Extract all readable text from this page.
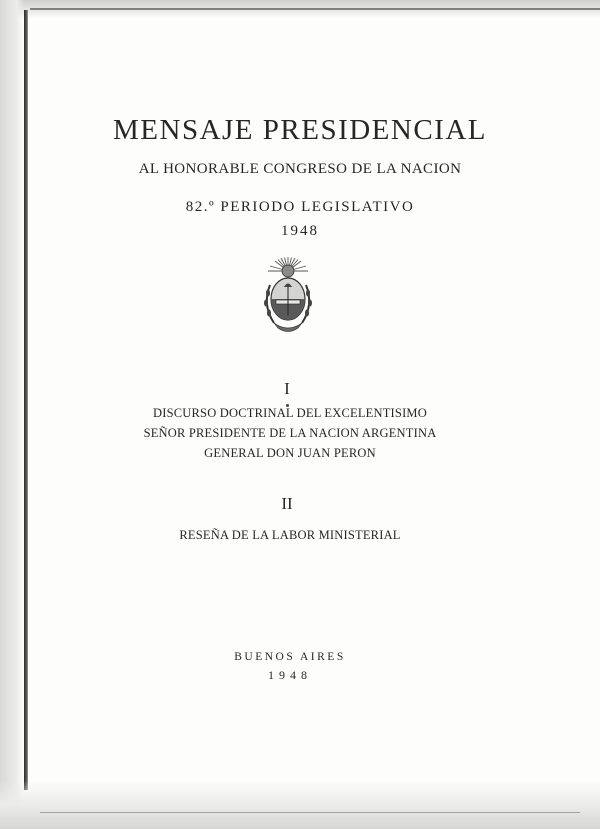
MENSAJE PRESIDENCIAL
AL HONORABLE CONGRESO DE LA NACION
82.º PERIODO LEGISLATIVO
1948
I
DISCURSO DOCTRINAL DEL EXCELENTISIMO
SEÑOR PRESIDENTE DE LA NACION ARGENTINA
GENERAL DON JUAN PERON
II
RESEÑA DE LA LABOR MINISTERIAL
BUENOS AIRES
1948
